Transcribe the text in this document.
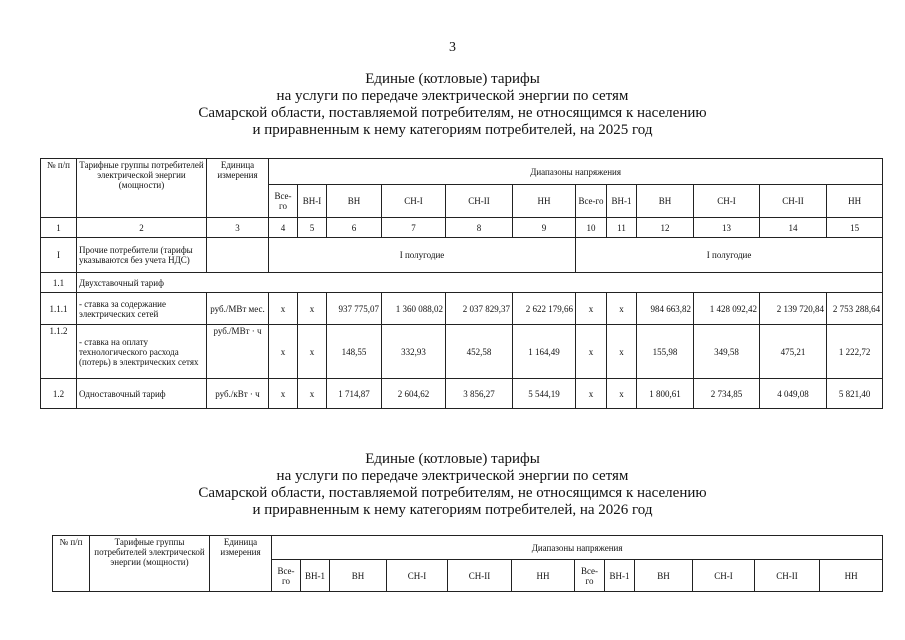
3
Единые (котловые) тарифы
на услуги по передаче электрической энергии по сетям
Самарской области, поставляемой потребителям, не относящимся к населению
и приравненным к нему категориям потребителей, на 2025 год
№ п/п	Тарифные группы потребителей электрической энергии (мощности)	Единица измерения	Диапазоны напряжения											
			Все-го	ВН-I	ВН	СН-I	СН-II	НН	Все-го	ВН-1	ВН	СН-I	СН-II	НН
1	2	3	4	5	6	7	8	9	10	11	12	13	14	15
I	Прочие потребители (тарифы указываются без учета НДС)		I полугодие						I полугодие					
1.1	Двухставочный тариф													
1.1.1	- ставка за содержание электрических сетей	руб./МВт мес.	x	x	937 775,07	1 360 088,02	2 037 829,37	2 622 179,66	x	x	984 663,82	1 428 092,42	2 139 720,84	2 753 288,64
1.1.2	- ставка на оплату технологического расхода (потерь) в электрических сетях	руб./МВт · ч	x	x	148,55	332,93	452,58	1 164,49	x	x	155,98	349,58	475,21	1 222,72
1.2	Одноставочный тариф	руб./кВт · ч	x	x	1 714,87	2 604,62	3 856,27	5 544,19	x	x	1 800,61	2 734,85	4 049,08	5 821,40
Единые (котловые) тарифы
на услуги по передаче электрической энергии по сетям
Самарской области, поставляемой потребителям, не относящимся к населению
и приравненным к нему категориям потребителей, на 2026 год
№ п/п	Тарифные группы потребителей электрической энергии (мощности)	Единица измерения	Диапазоны напряжения											
			Все-го	ВН-1	ВН	СН-I	СН-II	НН	Все-го	ВН-1	ВН	СН-I	СН-II	НН
